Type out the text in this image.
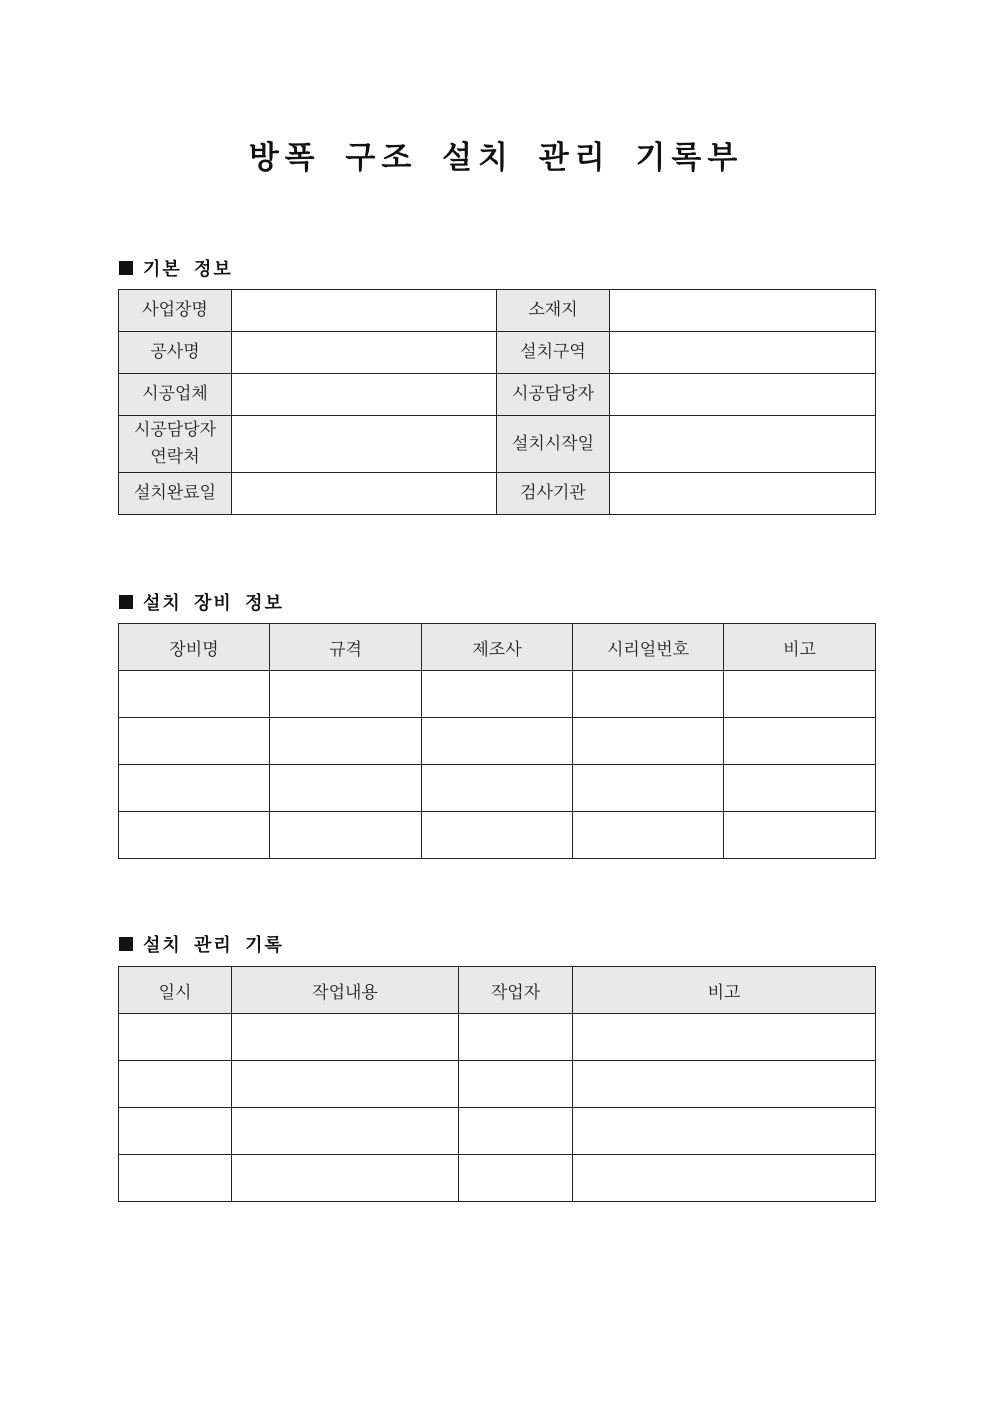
방폭 구조 설치 관리 기록부
기본 정보
사업장명		소재지	
공사명		설치구역	
시공업체		시공담당자	
시공담당자
연락처		설치시작일	
설치완료일		검사기관	
설치 장비 정보
장비명	규격	제조사	시리얼번호	비고

설치 관리 기록
일시	작업내용	작업자	비고
